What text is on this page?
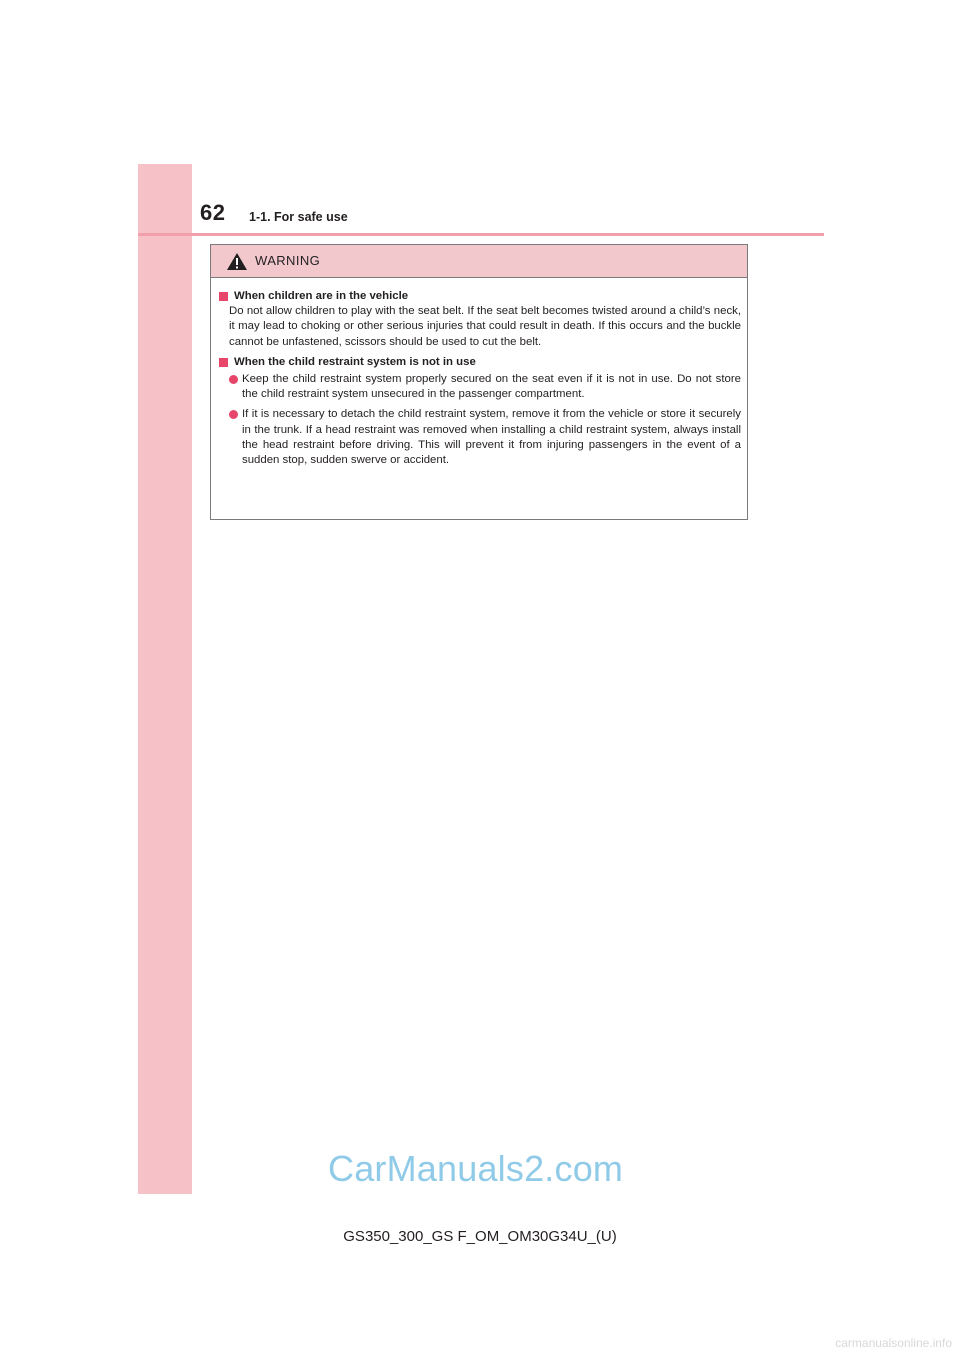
62 1-1. For safe use
WARNING
When children are in the vehicle
Do not allow children to play with the seat belt. If the seat belt becomes twisted around a child’s neck, it may lead to choking or other serious injuries that could result in death. If this occurs and the buckle cannot be unfastened, scissors should be used to cut the belt.
When the child restraint system is not in use
Keep the child restraint system properly secured on the seat even if it is not in use. Do not store the child restraint system unsecured in the passenger compartment.
If it is necessary to detach the child restraint system, remove it from the vehicle or store it securely in the trunk. If a head restraint was removed when installing a child restraint system, always install the head restraint before driving. This will prevent it from injuring passengers in the event of a sudden stop, sudden swerve or accident.
CarManuals2.com
GS350_300_GS F_OM_OM30G34U_(U)
carmanualsonline.info
